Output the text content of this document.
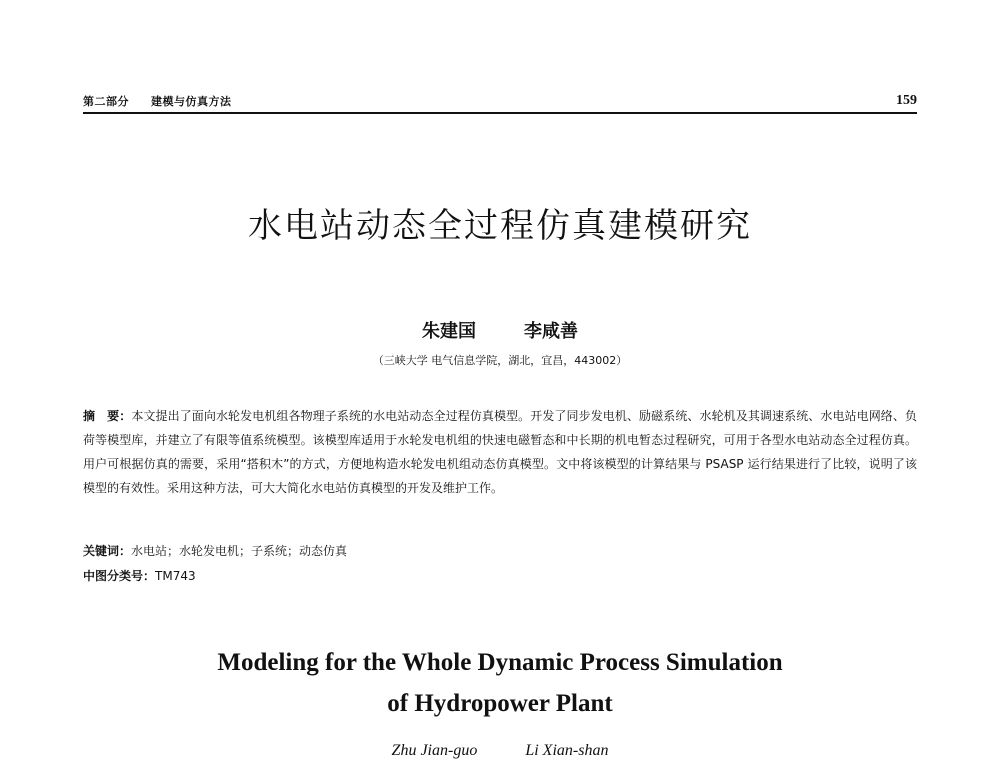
第二部分 建模与仿真方法	159
水电站动态全过程仿真建模研究
朱建国	李咸善
（三峡大学 电气信息学院，湖北，宜昌，443002）
摘　要：本文提出了面向水轮发电机组各物理子系统的水电站动态全过程仿真模型。开发了同步发电机、励磁系统、水轮机及其调速系统、水电站电网络、负荷等模型库，并建立了有限等值系统模型。该模型库适用于水轮发电机组的快速电磁暂态和中长期的机电暂态过程研究，可用于各型水电站动态全过程仿真。用户可根据仿真的需要，采用“搭积木”的方式，方便地构造水轮发电机组动态仿真模型。文中将该模型的计算结果与 PSASP 运行结果进行了比较，说明了该模型的有效性。采用这种方法，可大大简化水电站仿真模型的开发及维护工作。
关键词：水电站；水轮发电机；子系统；动态仿真
中图分类号：TM743
Modeling for the Whole Dynamic Process Simulation
of Hydropower Plant
Zhu Jian-guo	Li Xian-shan
